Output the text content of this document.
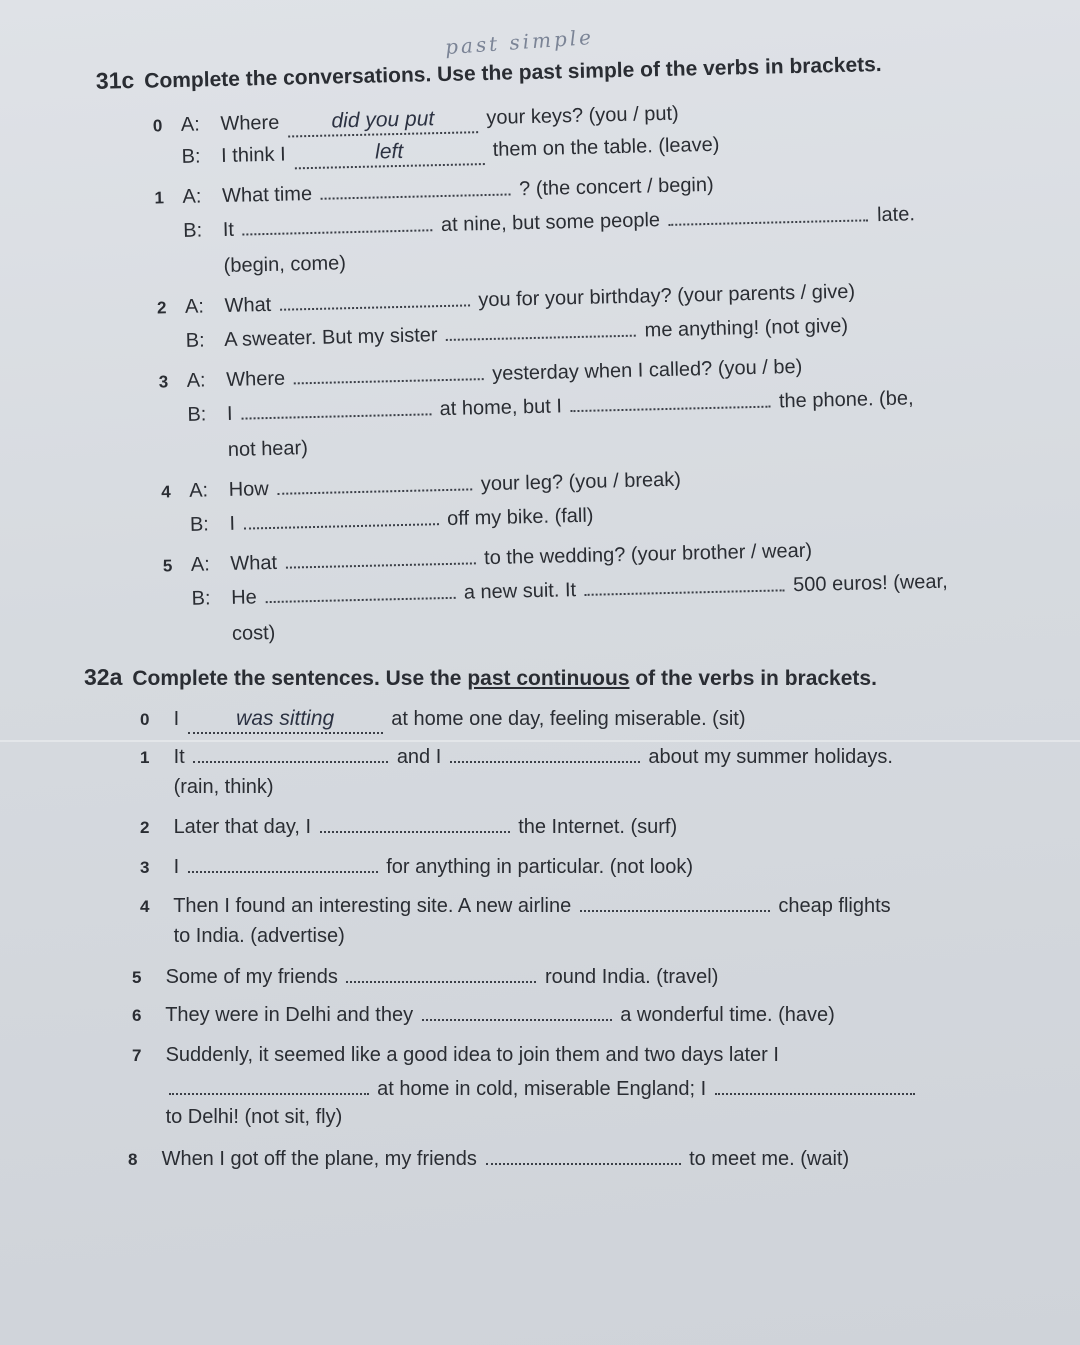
past simple
31c Complete the conversations. Use the past simple of the verbs in brackets.
0 A: Where did you put	your keys? (you / put)
B: I think I	left	them on the table. (leave)
1 A: What time	? (the concert / begin)
B: It	at nine, but some people	late.
(begin, come)
2 A: What	you for your birthday? (your parents / give)
B: A sweater. But my sister	me anything! (not give)
3 A: Where	yesterday when I called? (you / be)
B: I	at home, but I	the phone. (be,
not hear)
4 A: How	your leg? (you / break)
B: I	off my bike. (fall)
5 A: What	to the wedding? (your brother / wear)
B: He	a new suit. It	500 euros! (wear,
cost)
32a Complete the sentences. Use the past continuous of the verbs in brackets.
0 I	was sitting	at home one day, feeling miserable. (sit)
1 It	and I	about my summer holidays.
(rain, think)
2 Later that day, I	the Internet. (surf)
3 I	for anything in particular. (not look)
4 Then I found an interesting site. A new airline	cheap flights
to India. (advertise)
5 Some of my friends	round India. (travel)
6 They were in Delhi and they	a wonderful time. (have)
7 Suddenly, it seemed like a good idea to join them and two days later I
at home in cold, miserable England; I
to Delhi! (not sit, fly)
8 When I got off the plane, my friends	to meet me. (wait)
